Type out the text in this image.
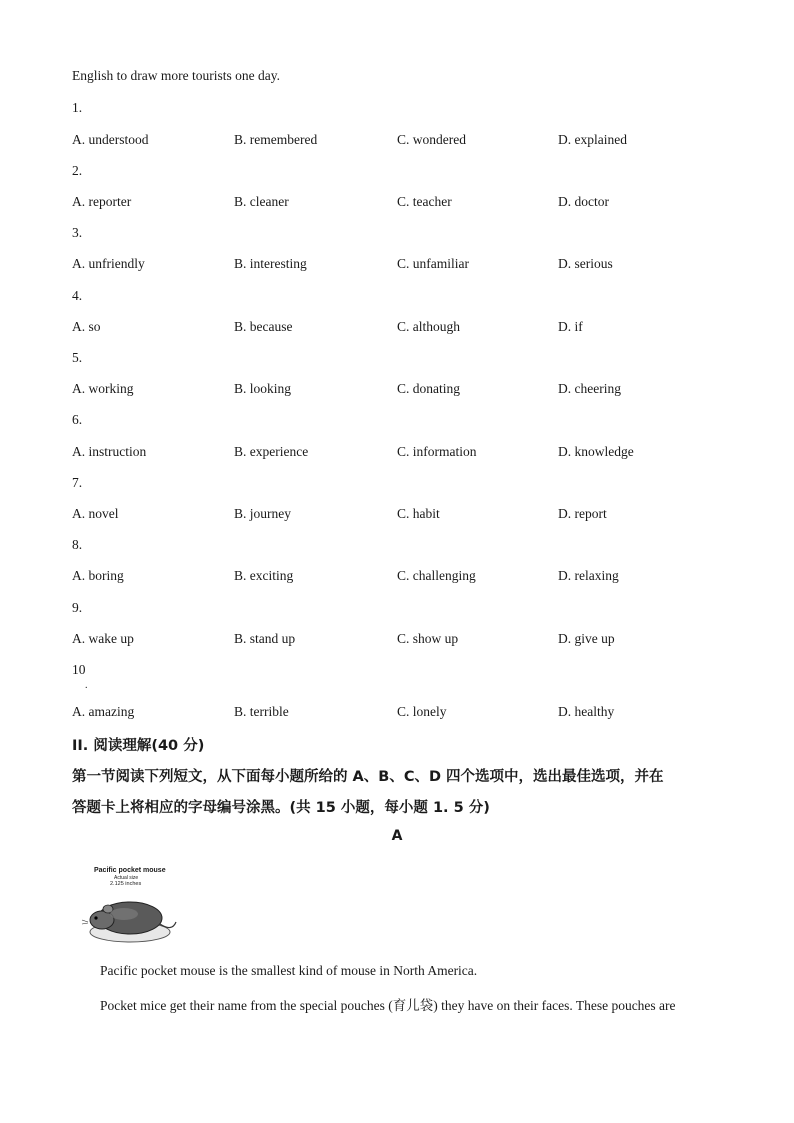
English to draw more tourists one day.
1.
A. understood	B. remembered	C. wondered	D. explained
2.
A. reporter	B. cleaner	C. teacher	D. doctor
3.
A. unfriendly	B. interesting	C. unfamiliar	D. serious
4.
A. so	B. because	C. although	D. if
5.
A. working	B. looking	C. donating	D. cheering
6.
A. instruction	B. experience	C. information	D. knowledge
7.
A. novel	B. journey	C. habit	D. report
8.
A. boring	B. exciting	C. challenging	D. relaxing
9.
A. wake up	B. stand up	C. show up	D. give up
10
.
A. amazing	B. terrible	C. lonely	D. healthy
II. 阅读理解(40 分)
第一节阅读下列短文，从下面每小题所给的 A、B、C、D 四个选项中，选出最佳选项，并在
答题卡上将相应的字母编号涂黑。(共 15 小题，每小题 1. 5 分)
A
Pacific pocket mouse
Actual size
2.125 inches
Pacific pocket mouse is the smallest kind of mouse in North America.
Pocket mice get their name from the special pouches (育儿袋) they have on their faces. These pouches are
